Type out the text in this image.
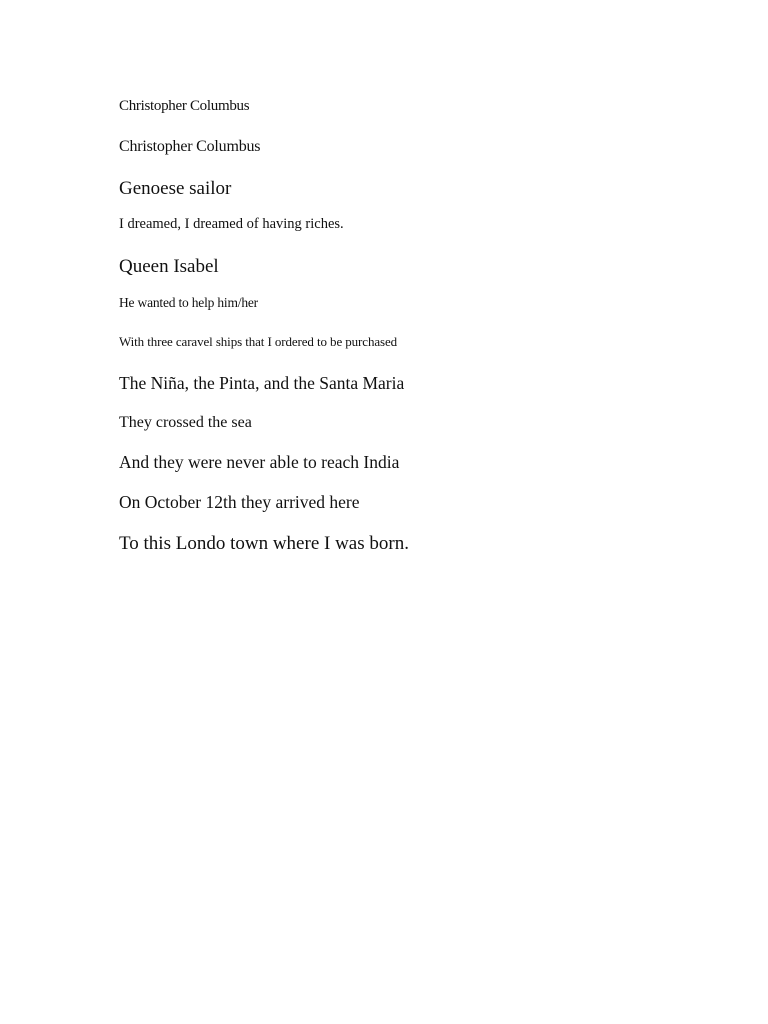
Christopher Columbus

Christopher Columbus

Genoese sailor

I dreamed, I dreamed of having riches.

Queen Isabel

He wanted to help him/her

With three caravel ships that I ordered to be purchased

The Niña, the Pinta, and the Santa Maria

They crossed the sea

And they were never able to reach India

On October 12th they arrived here

To this Londo town where I was born.
